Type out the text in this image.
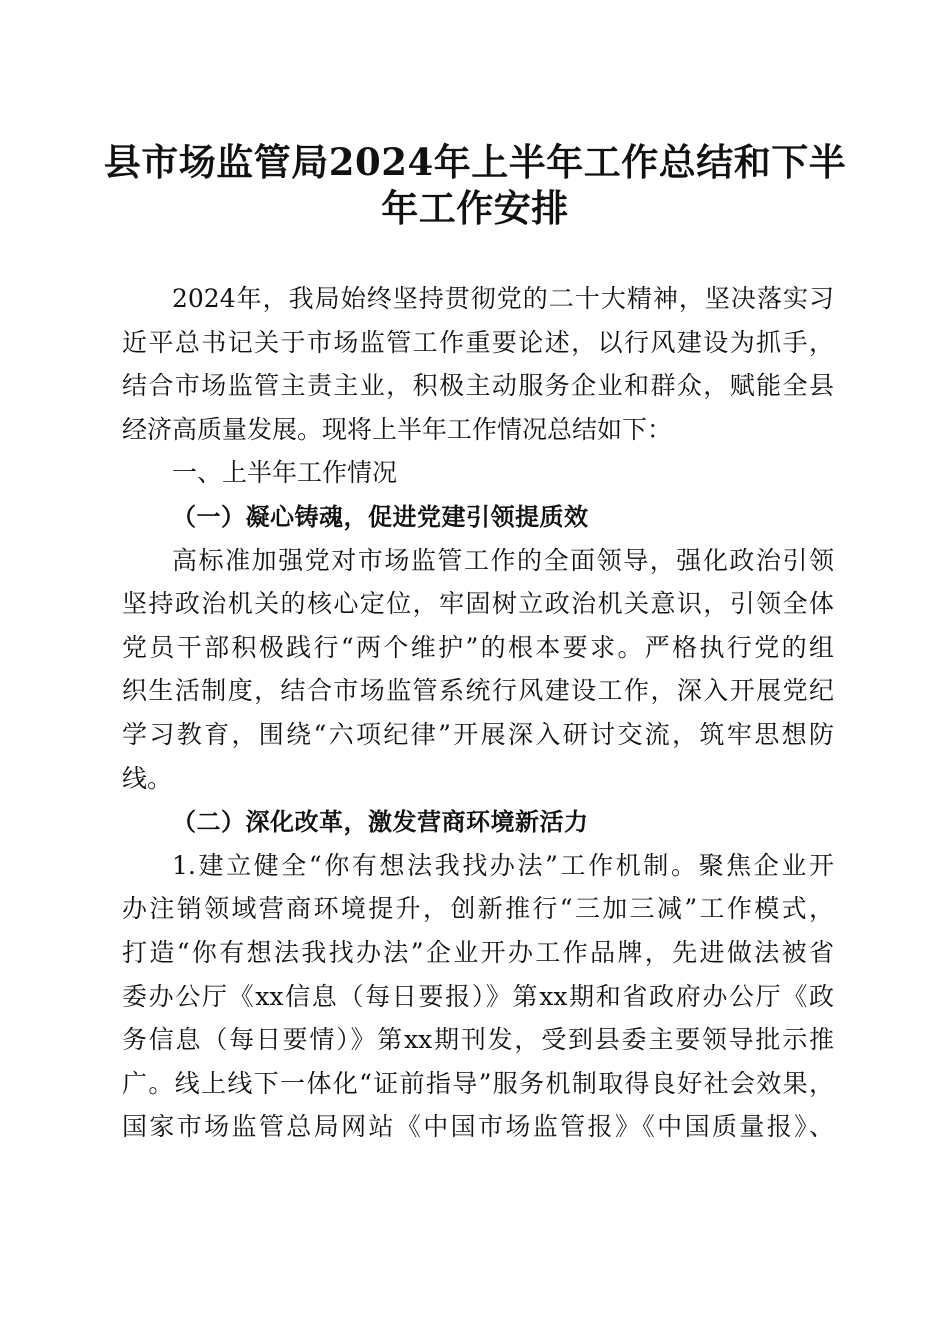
县市场监管局2024年上半年工作总结和下半
年工作安排
2024年，我局始终坚持贯彻党的二十大精神，坚决落实习
近平总书记关于市场监管工作重要论述，以行风建设为抓手，
结合市场监管主责主业，积极主动服务企业和群众，赋能全县
经济高质量发展。现将上半年工作情况总结如下：
一、上半年工作情况
（一）凝心铸魂，促进党建引领提质效
高标准加强党对市场监管工作的全面领导，强化政治引领
坚持政治机关的核心定位，牢固树立政治机关意识，引领全体
党员干部积极践行“两个维护”的根本要求。严格执行党的组
织生活制度，结合市场监管系统行风建设工作，深入开展党纪
学习教育，围绕“六项纪律”开展深入研讨交流，筑牢思想防
线。
（二）深化改革，激发营商环境新活力
1.建立健全“你有想法我找办法”工作机制。聚焦企业开
办注销领域营商环境提升，创新推行“三加三减”工作模式，
打造“你有想法我找办法”企业开办工作品牌，先进做法被省
委办公厅《xx信息（每日要报）》第xx期和省政府办公厅《政
务信息（每日要情）》第xx期刊发，受到县委主要领导批示推
广。线上线下一体化“证前指导”服务机制取得良好社会效果，
国家市场监管总局网站《中国市场监管报》《中国质量报》、
